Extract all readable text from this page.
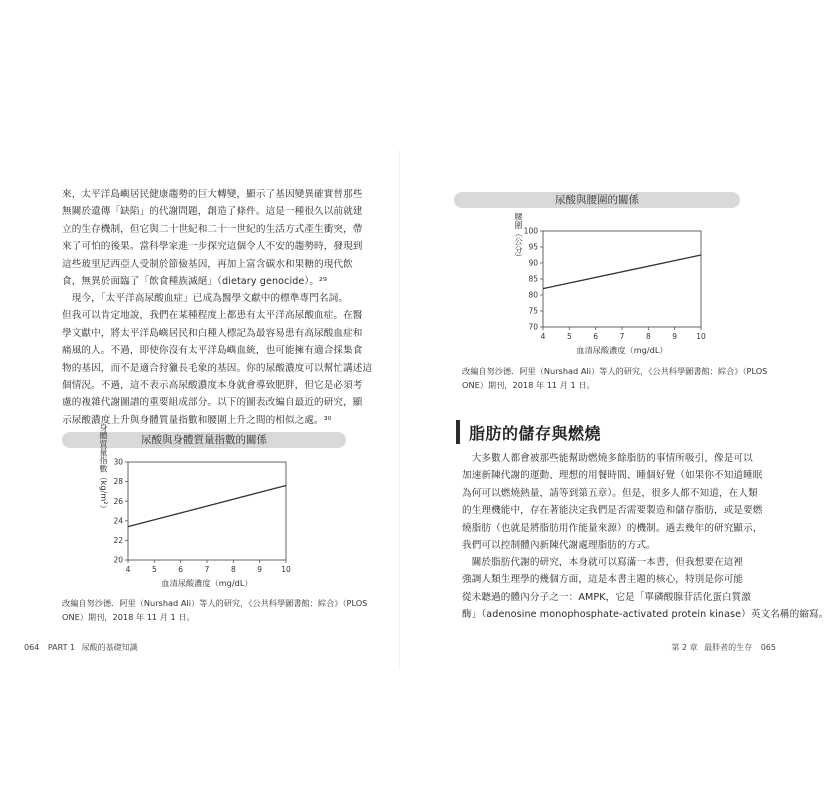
來，太平洋島嶼居民健康趨勢的巨大轉變，顯示了基因變異確實替那些
無關於遺傳「缺陷」的代謝問題，創造了條件。這是一種很久以前就建
立的生存機制，但它與二十世紀和二十一世紀的生活方式產生衝突，帶
來了可怕的後果。當科學家進一步探究這個令人不安的趨勢時，發現到
這些玻里尼西亞人受制於節儉基因，再加上富含碳水和果糖的現代飲
食，無異於面臨了「飲食種族滅絕」（dietary genocide）。²⁹

　現今，「太平洋高尿酸血症」已成為醫學文獻中的標準專門名詞。
但我可以肯定地說，我們在某種程度上都患有太平洋高尿酸血症。在醫
學文獻中，將太平洋島嶼居民和白種人標記為最容易患有高尿酸血症和
痛風的人。不過，即使你沒有太平洋島嶼血統，也可能擁有適合採集食
物的基因，而不是適合狩獵長毛象的基因。你的尿酸濃度可以幫忙講述這
個情況。不過，這不表示高尿酸濃度本身就會導致肥胖，但它是必須考
慮的複雜代謝圖譜的重要組成部分。以下的圖表改編自最近的研究，顯
示尿酸濃度上升與身體質量指數和腰圍上升之間的相似之處。³⁰

尿酸與身體質量指數的關係
4	5	6	7	8	9	10
20
22
24
26
28
30
血清尿酸濃度（mg/dL）
身體質量指數（kg/m²）

改編自努沙德．阿里（Nurshad Ali）等人的研究，《公共科學圖書館：綜合》（PLOS
ONE）期刊，2018 年 11 月 1 日。

064 PART 1 尿酸的基礎知識
尿酸與腰圍的關係
4	5	6	7	8	9	10
70
75
80
85
90
95
100
血清尿酸濃度（mg/dL）
腰圍（公分）

改編自努沙德．阿里（Nurshad Ali）等人的研究，《公共科學圖書館：綜合》（PLOS
ONE）期刊，2018 年 11 月 1 日。

脂肪的儲存與燃燒

　大多數人都會被那些能幫助燃燒多餘脂肪的事情所吸引，像是可以
加速新陳代謝的運動、理想的用餐時間、睡個好覺（如果你不知道睡眠
為何可以燃燒熱量，請等到第五章）。但是，很多人都不知道，在人類
的生理機能中，存在著能決定我們是否需要製造和儲存脂肪，或是要燃
燒脂肪（也就是將脂肪用作能量來源）的機制。過去幾年的研究顯示，
我們可以控制體內新陳代謝處理脂肪的方式。

　關於脂肪代謝的研究，本身就可以寫滿一本書，但我想要在這裡
強調人類生理學的幾個方面，這是本書主題的核心，特別是你可能
從未聽過的體內分子之一：AMPK，它是「單磷酸腺苷活化蛋白質激
酶」（adenosine monophosphate-activated protein kinase）英文名稱的縮寫。

第 2 章 最胖者的生存 065
